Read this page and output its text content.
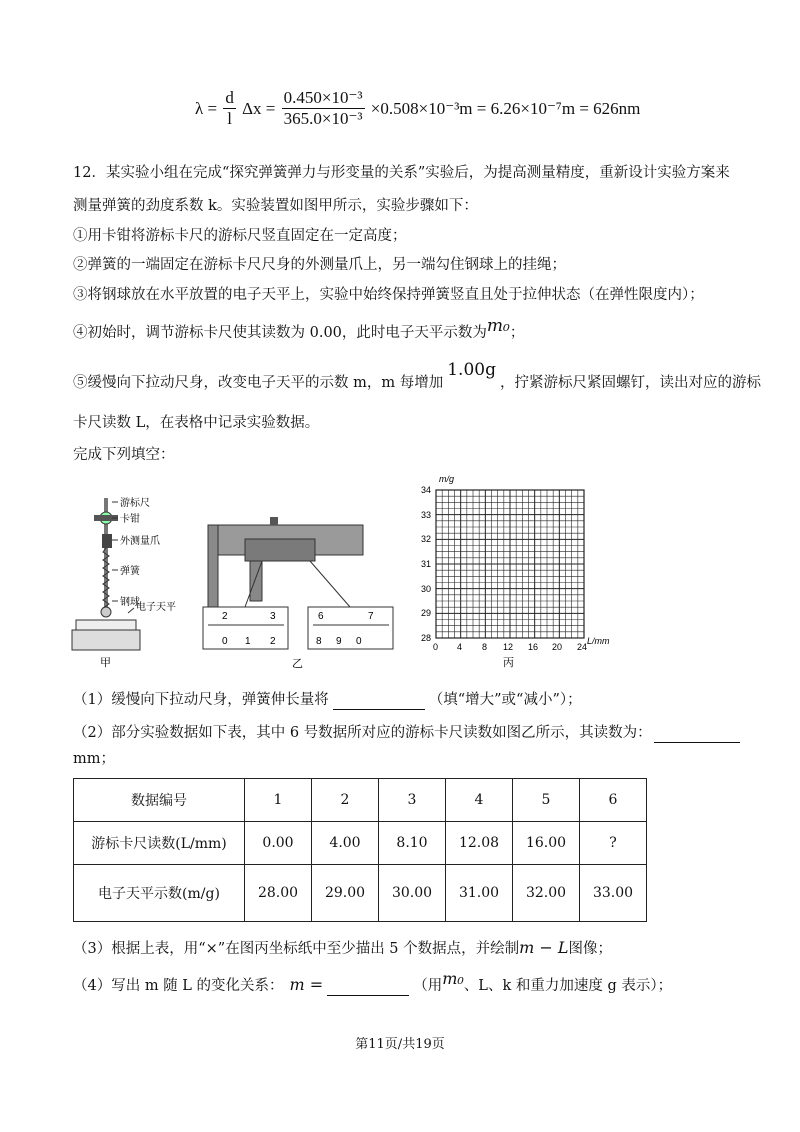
$\lambda = \frac{d}{l}$ $\Delta x = \frac{\text{0.450×10⁻³}}{\text{365.0×10⁻³}} \times 0.508\times 10^{-3}m = 6.26\times 10^{-7}m = 626nm$
12．某实验小组在完成“探究弹簧弹力与形变量的关系”实验后，为提高测量精度，重新设计实验方案来
测量弹簧的劲度系数 k。实验装置如图甲所示，实验步骤如下：
①用卡钳将游标卡尺的游标尺竖直固定在一定高度；
②弹簧的一端固定在游标卡尺尺身的外测量爪上，另一端勾住钢球上的挂绳；
③将钢球放在水平放置的电子天平上，实验中始终保持弹簧竖直且处于拉伸状态（在弹性限度内）；
④初始时，调节游标卡尺使其读数为 0.00，此时电子天平示数为m₀；
⑤缓慢向下拉动尺身，改变电子天平的示数 m，m 每增加1.00g，拧紧游标尺紧固螺钉，读出对应的游标
卡尺读数 L，在表格中记录实验数据。
完成下列填空：
游标尺
卡钳
外测量爪
弹簧
钢球
电子天平
甲
2	3
0 1 2
6	7
8 9 0
乙
m/g
L/mm
34
33
32
31
30
29
28
0 4 8 12 16 20 24
丙
（1）缓慢向下拉动尺身，弹簧伸长量将	（填“增大”或“减小”）；
（2）部分实验数据如下表，其中 6 号数据所对应的游标卡尺读数如图乙所示，其读数为：
mm；
数据编号	1	2	3	4	5	6
游标卡尺读数(L/mm)	0.00	4.00	8.10	12.08	16.00	?
电子天平示数(m/g)	28.00	29.00	30.00	31.00	32.00	33.00
（3）根据上表，用“×”在图丙坐标纸中至少描出 5 个数据点，并绘制m − L图像；
（4）写出 m 随 L 的变化关系： m =	（用m₀、L、k 和重力加速度 g 表示）；
第11页/共19页
